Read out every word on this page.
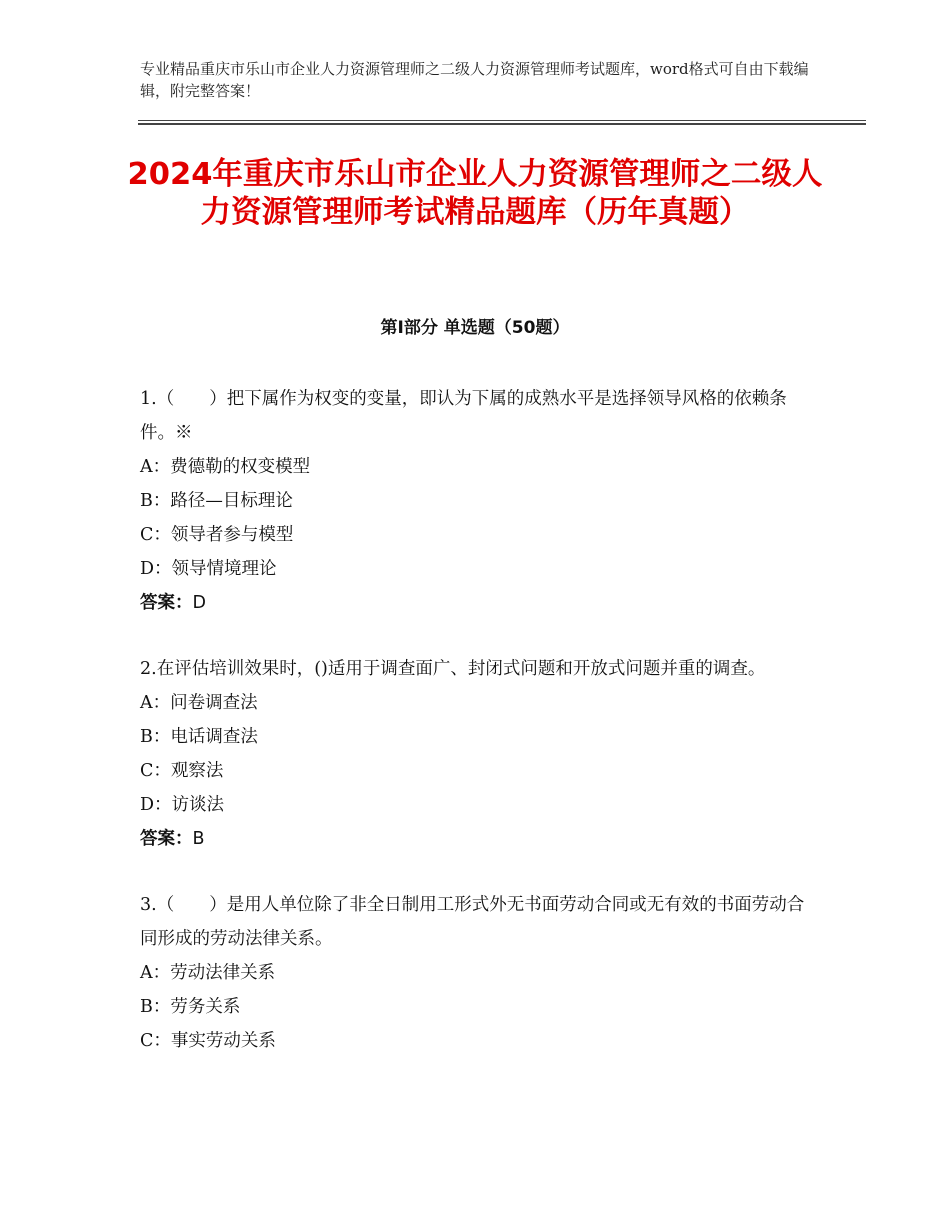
专业精品重庆市乐山市企业人力资源管理师之二级人力资源管理师考试题库，word格式可自由下载编辑，附完整答案！
2024年重庆市乐山市企业人力资源管理师之二级人力资源管理师考试精品题库（历年真题）
第Ⅰ部分 单选题（50题）

1.（　　）把下属作为权变的变量，即认为下属的成熟水平是选择领导风格的依赖条件。※

A：费德勒的权变模型

B：路径—目标理论

C：领导者参与模型

D：领导情境理论

答案：D

2.在评估培训效果时，()适用于调查面广、封闭式问题和开放式问题并重的调查。

A：问卷调查法

B：电话调查法

C：观察法

D：访谈法

答案：B

3.（　　）是用人单位除了非全日制用工形式外无书面劳动合同或无有效的书面劳动合同形成的劳动法律关系。

A：劳动法律关系

B：劳务关系

C：事实劳动关系
